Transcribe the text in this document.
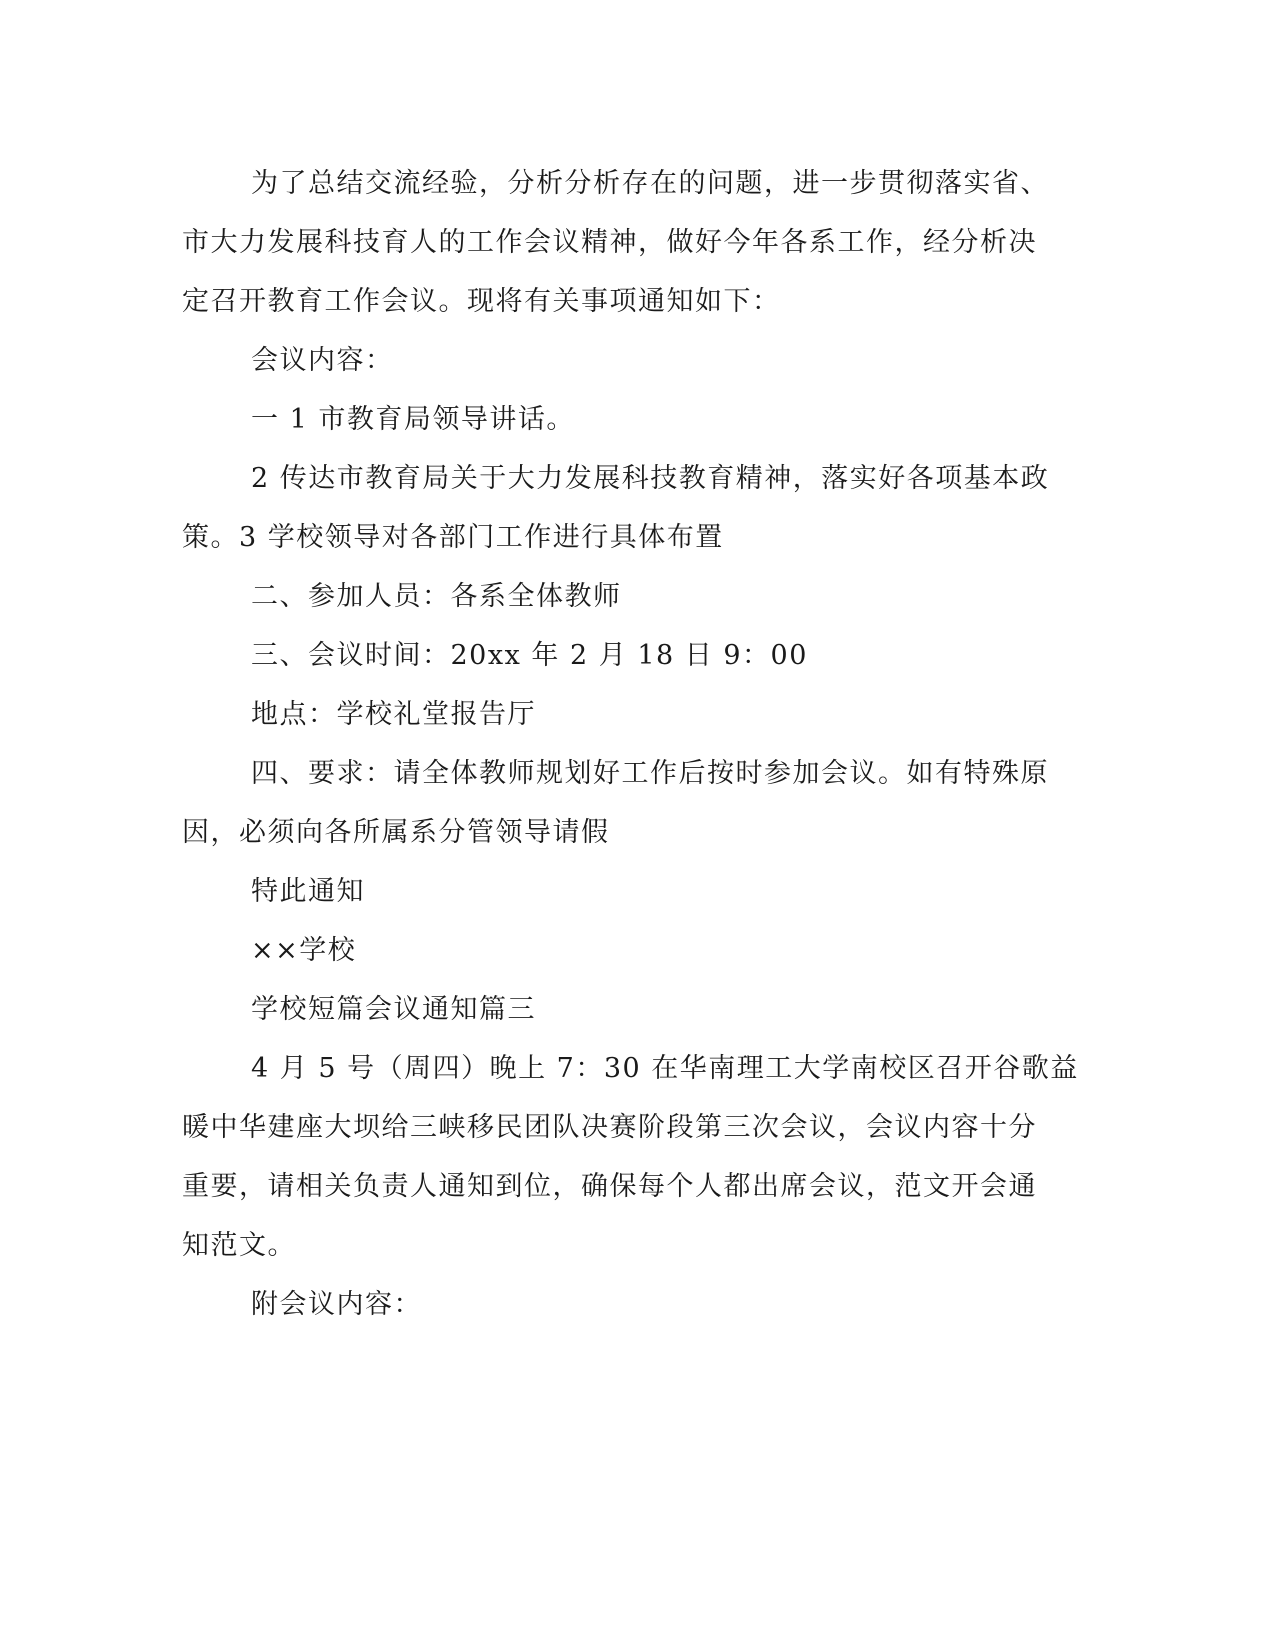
为了总结交流经验，分析分析存在的问题，进一步贯彻落实省、
市大力发展科技育人的工作会议精神，做好今年各系工作，经分析决
定召开教育工作会议。现将有关事项通知如下：
会议内容：
一 1 市教育局领导讲话。
2 传达市教育局关于大力发展科技教育精神，落实好各项基本政
策。3 学校领导对各部门工作进行具体布置
二、参加人员：各系全体教师
三、会议时间：20xx 年 2 月 18 日 9：00
地点：学校礼堂报告厅
四、要求：请全体教师规划好工作后按时参加会议。如有特殊原
因，必须向各所属系分管领导请假
特此通知
××学校
学校短篇会议通知篇三
4 月 5 号（周四）晚上 7：30 在华南理工大学南校区召开谷歌益
暖中华建座大坝给三峡移民团队决赛阶段第三次会议，会议内容十分
重要，请相关负责人通知到位，确保每个人都出席会议，范文开会通
知范文。
附会议内容：
